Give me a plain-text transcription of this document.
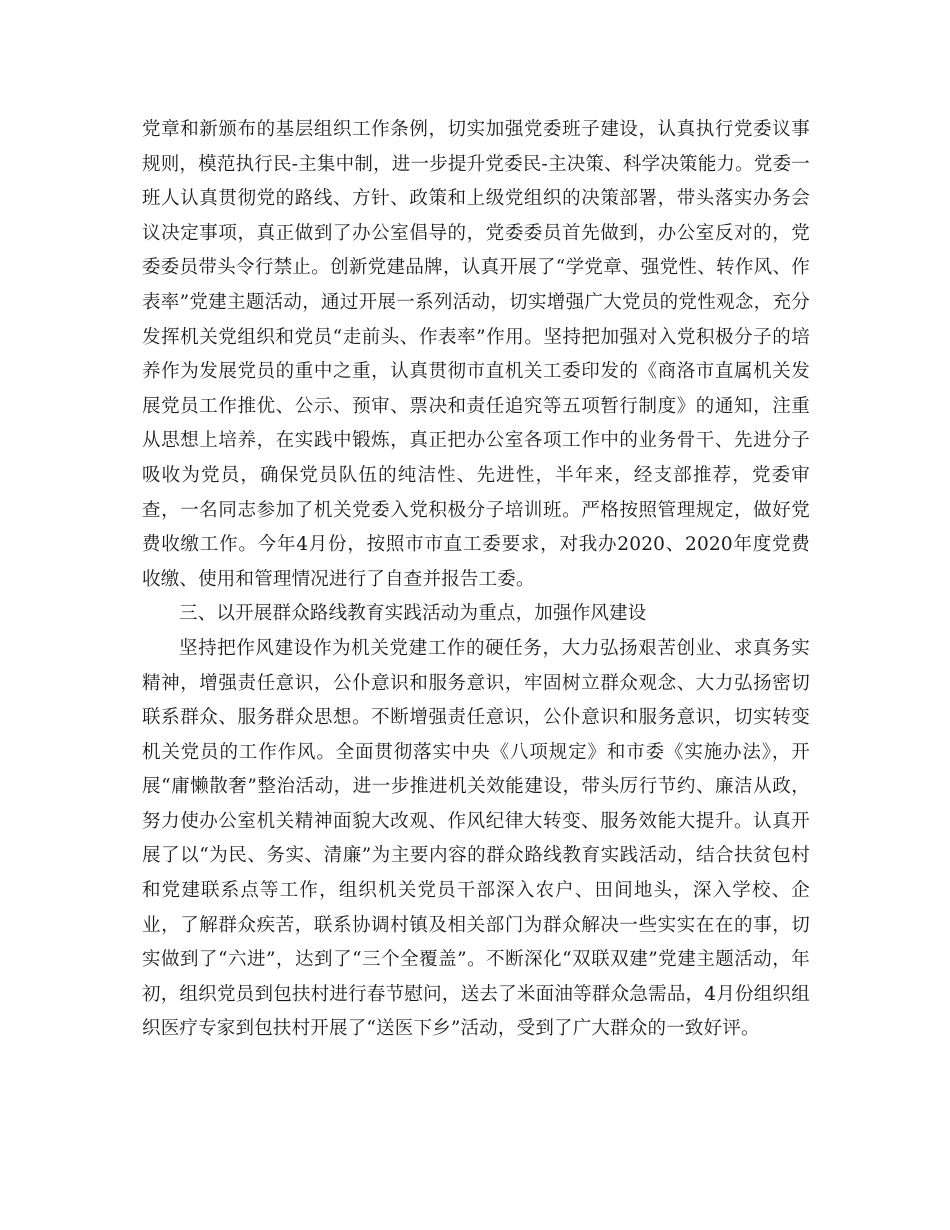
党章和新颁布的基层组织工作条例，切实加强党委班子建设，认真执行党委议事规则，模范执行民-主集中制，进一步提升党委民-主决策、科学决策能力。党委一班人认真贯彻党的路线、方针、政策和上级党组织的决策部署，带头落实办务会议决定事项，真正做到了办公室倡导的，党委委员首先做到，办公室反对的，党委委员带头令行禁止。创新党建品牌，认真开展了“学党章、强党性、转作风、作表率”党建主题活动，通过开展一系列活动，切实增强广大党员的党性观念，充分发挥机关党组织和党员“走前头、作表率”作用。坚持把加强对入党积极分子的培养作为发展党员的重中之重，认真贯彻市直机关工委印发的《商洛市直属机关发展党员工作推优、公示、预审、票决和责任追究等五项暂行制度》的通知，注重从思想上培养，在实践中锻炼，真正把办公室各项工作中的业务骨干、先进分子吸收为党员，确保党员队伍的纯洁性、先进性，半年来，经支部推荐，党委审查，一名同志参加了机关党委入党积极分子培训班。严格按照管理规定，做好党费收缴工作。今年4月份，按照市市直工委要求，对我办2020、2020年度党费收缴、使用和管理情况进行了自查并报告工委。

三、以开展群众路线教育实践活动为重点，加强作风建设

坚持把作风建设作为机关党建工作的硬任务，大力弘扬艰苦创业、求真务实精神，增强责任意识，公仆意识和服务意识，牢固树立群众观念、大力弘扬密切联系群众、服务群众思想。不断增强责任意识，公仆意识和服务意识，切实转变机关党员的工作作风。全面贯彻落实中央《八项规定》和市委《实施办法》，开展“庸懒散奢”整治活动，进一步推进机关效能建设，带头厉行节约、廉洁从政，努力使办公室机关精神面貌大改观、作风纪律大转变、服务效能大提升。认真开展了以“为民、务实、清廉”为主要内容的群众路线教育实践活动，结合扶贫包村和党建联系点等工作，组织机关党员干部深入农户、田间地头，深入学校、企业，了解群众疾苦，联系协调村镇及相关部门为群众解决一些实实在在的事，切实做到了“六进”，达到了“三个全覆盖”。不断深化“双联双建”党建主题活动，年初，组织党员到包扶村进行春节慰问，送去了米面油等群众急需品，4月份组织组织医疗专家到包扶村开展了“送医下乡”活动，受到了广大群众的一致好评。
